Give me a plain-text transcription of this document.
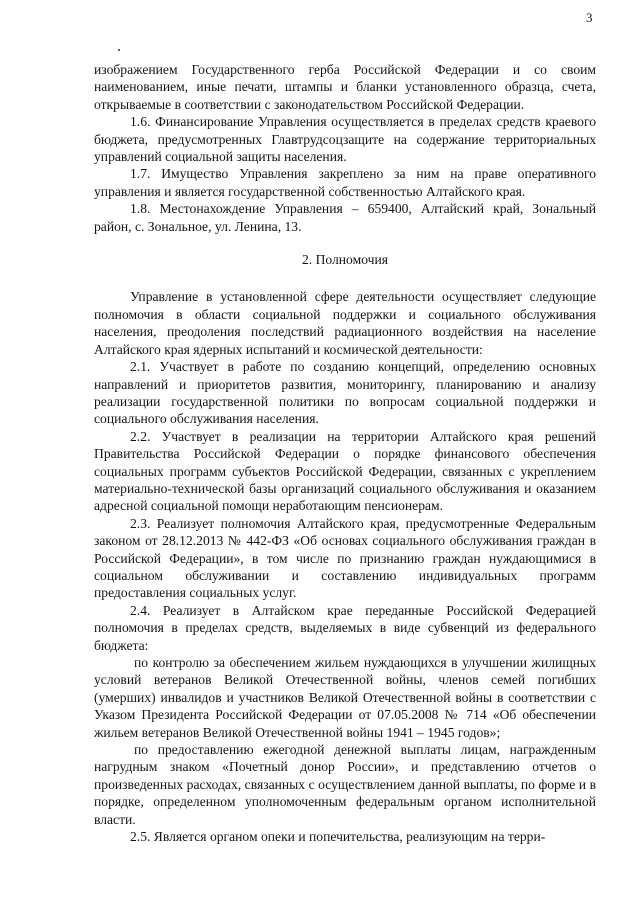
3

изображением Государственного герба Российской Федерации и со своим наименованием, иные печати, штампы и бланки установленного образца, счета, открываемые в соответствии с законодательством Российской Федерации.

1.6. Финансирование Управления осуществляется в пределах средств краевого бюджета, предусмотренных Главтрудсоцзащите на содержание территориальных управлений социальной защиты населения.

1.7. Имущество Управления закреплено за ним на праве оперативного управления и является государственной собственностью Алтайского края.

1.8. Местонахождение Управления – 659400, Алтайский край, Зональный район, с. Зональное, ул. Ленина, 13.

2. Полномочия

Управление в установленной сфере деятельности осуществляет следующие полномочия в области социальной поддержки и социального обслуживания населения, преодоления последствий радиационного воздействия на население Алтайского края ядерных испытаний и космической деятельности:

2.1. Участвует в работе по созданию концепций, определению основных направлений и приоритетов развития, мониторингу, планированию и анализу реализации государственной политики по вопросам социальной поддержки и социального обслуживания населения.

2.2. Участвует в реализации на территории Алтайского края решений Правительства Российской Федерации о порядке финансового обеспечения социальных программ субъектов Российской Федерации, связанных с укреплением материально-технической базы организаций социального обслуживания и оказанием адресной социальной помощи неработающим пенсионерам.

2.3. Реализует полномочия Алтайского края, предусмотренные Федеральным законом от 28.12.2013 № 442-ФЗ «Об основах социального обслуживания граждан в Российской Федерации», в том числе по признанию граждан нуждающимися в социальном обслуживании и составлению индивидуальных программ предоставления социальных услуг.

2.4. Реализует в Алтайском крае переданные Российской Федерацией полномочия в пределах средств, выделяемых в виде субвенций из федерального бюджета:

по контролю за обеспечением жильем нуждающихся в улучшении жилищных условий ветеранов Великой Отечественной войны, членов семей погибших (умерших) инвалидов и участников Великой Отечественной войны в соответствии с Указом Президента Российской Федерации от 07.05.2008 № 714 «Об обеспечении жильем ветеранов Великой Отечественной войны 1941 – 1945 годов»;

по предоставлению ежегодной денежной выплаты лицам, награжденным нагрудным знаком «Почетный донор России», и представлению отчетов о произведенных расходах, связанных с осуществлением данной выплаты, по форме и в порядке, определенном уполномоченным федеральным органом исполнительной власти.

2.5. Является органом опеки и попечительства, реализующим на терри-
